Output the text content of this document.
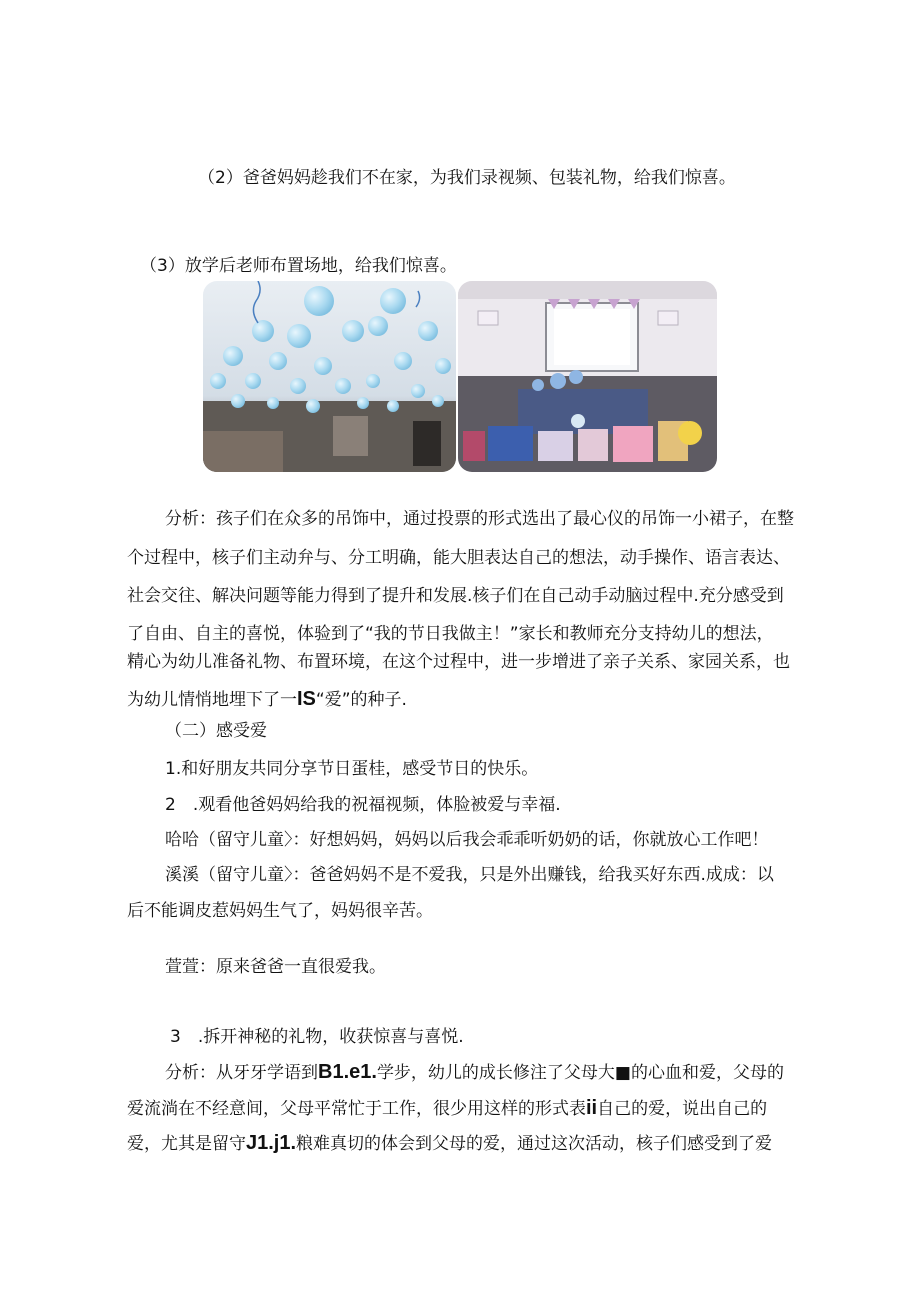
（2）爸爸妈妈趁我们不在家，为我们录视频、包装礼物，给我们惊喜。
（3）放学后老师布置场地，给我们惊喜。
分析：孩子们在众多的吊饰中，通过投票的形式选出了最心仪的吊饰一小裙子，在整
个过程中，核子们主动弁与、分工明确，能大胆表达自己的想法，动手操作、语言表达、
社会交往、解决问题等能力得到了提升和发展.核子们在自己动手动脑过程中.充分感受到
了自由、自主的喜悦，体验到了“我的节日我做主！”家长和教师充分支持幼儿的想法，
精心为幼儿准备礼物、布置环境，在这个过程中，进一步增进了亲子关系、家园关系，也
为幼儿情悄地埋下了一IS“爱”的种子.
（二）感受爱
1.和好朋友共同分享节日蛋桂，感受节日的快乐。
2　.观看他爸妈妈给我的祝福视频，体脸被爱与幸福.
哈哈（留守儿童〉：好想妈妈，妈妈以后我会乖乖听奶奶的话，你就放心工作吧！
溪溪（留守儿童〉：爸爸妈妈不是不爱我，只是外出赚钱，给我买好东西.成成：以
后不能调皮惹妈妈生气了，妈妈很辛苦。
萱萱：原来爸爸一直很爱我。
3　.拆开神秘的礼物，收获惊喜与喜悦.
分析：从牙牙学语到B1.e1.学步，幼儿的成长修注了父母大■的心血和爱，父母的
爱流淌在不经意间，父母平常忙于工作，很少用这样的形式表ii自己的爱，说出自己的
爱，尤其是留守J1.j1.粮难真切的体会到父母的爱，通过这次活动，核子们感受到了爱
